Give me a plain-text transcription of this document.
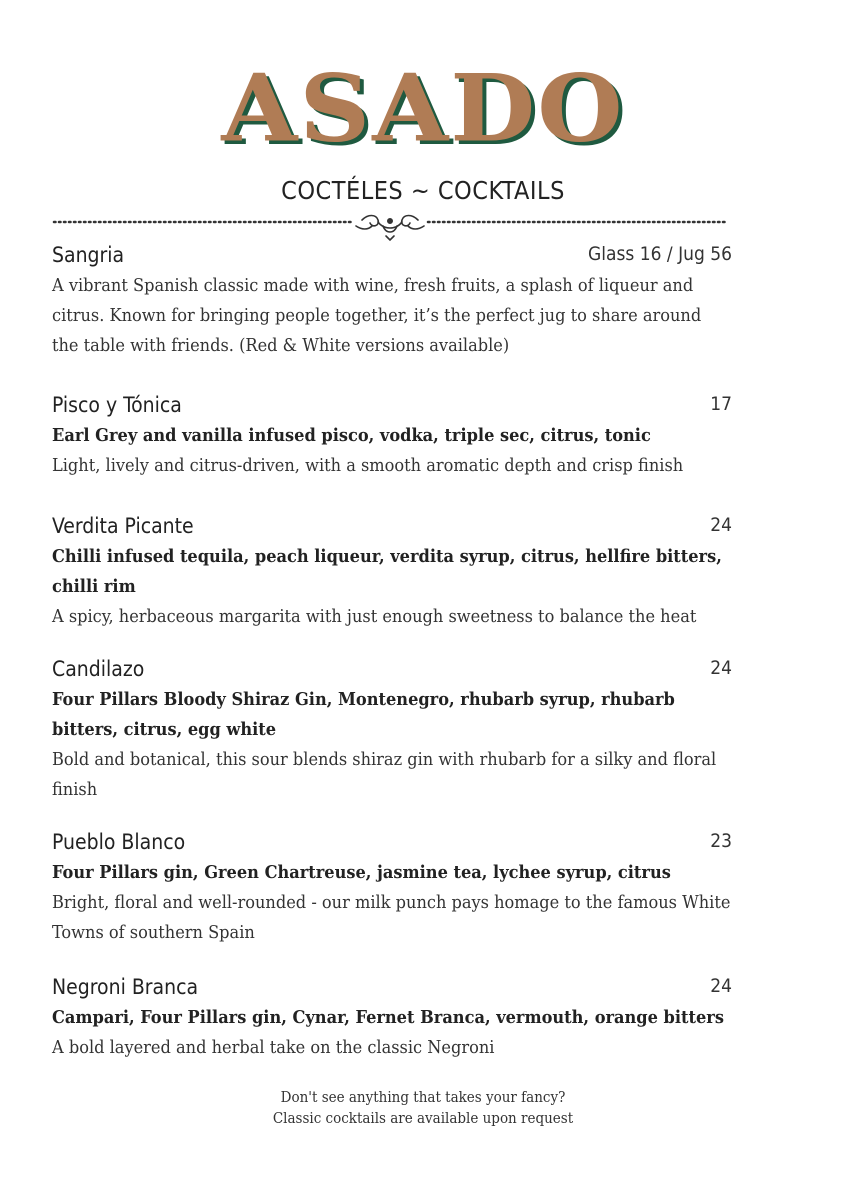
ASADO
COCTÉLES ~ COCKTAILS
Sangria	Glass 16 / Jug 56
A vibrant Spanish classic made with wine, fresh fruits, a splash of liqueur and citrus. Known for bringing people together, it’s the perfect jug to share around the table with friends. (Red & White versions available)
Pisco y Tónica	17
Earl Grey and vanilla infused pisco, vodka, triple sec, citrus, tonic
Light, lively and citrus-driven, with a smooth aromatic depth and crisp finish
Verdita Picante	24
Chilli infused tequila, peach liqueur, verdita syrup, citrus, hellfire bitters, chilli rim
A spicy, herbaceous margarita with just enough sweetness to balance the heat
Candilazo	24
Four Pillars Bloody Shiraz Gin, Montenegro, rhubarb syrup, rhubarb bitters, citrus, egg white
Bold and botanical, this sour blends shiraz gin with rhubarb for a silky and floral finish
Pueblo Blanco	23
Four Pillars gin, Green Chartreuse, jasmine tea, lychee syrup, citrus
Bright, floral and well-rounded - our milk punch pays homage to the famous White Towns of southern Spain
Negroni Branca	24
Campari, Four Pillars gin, Cynar, Fernet Branca, vermouth, orange bitters
A bold layered and herbal take on the classic Negroni
Don't see anything that takes your fancy?
Classic cocktails are available upon request
